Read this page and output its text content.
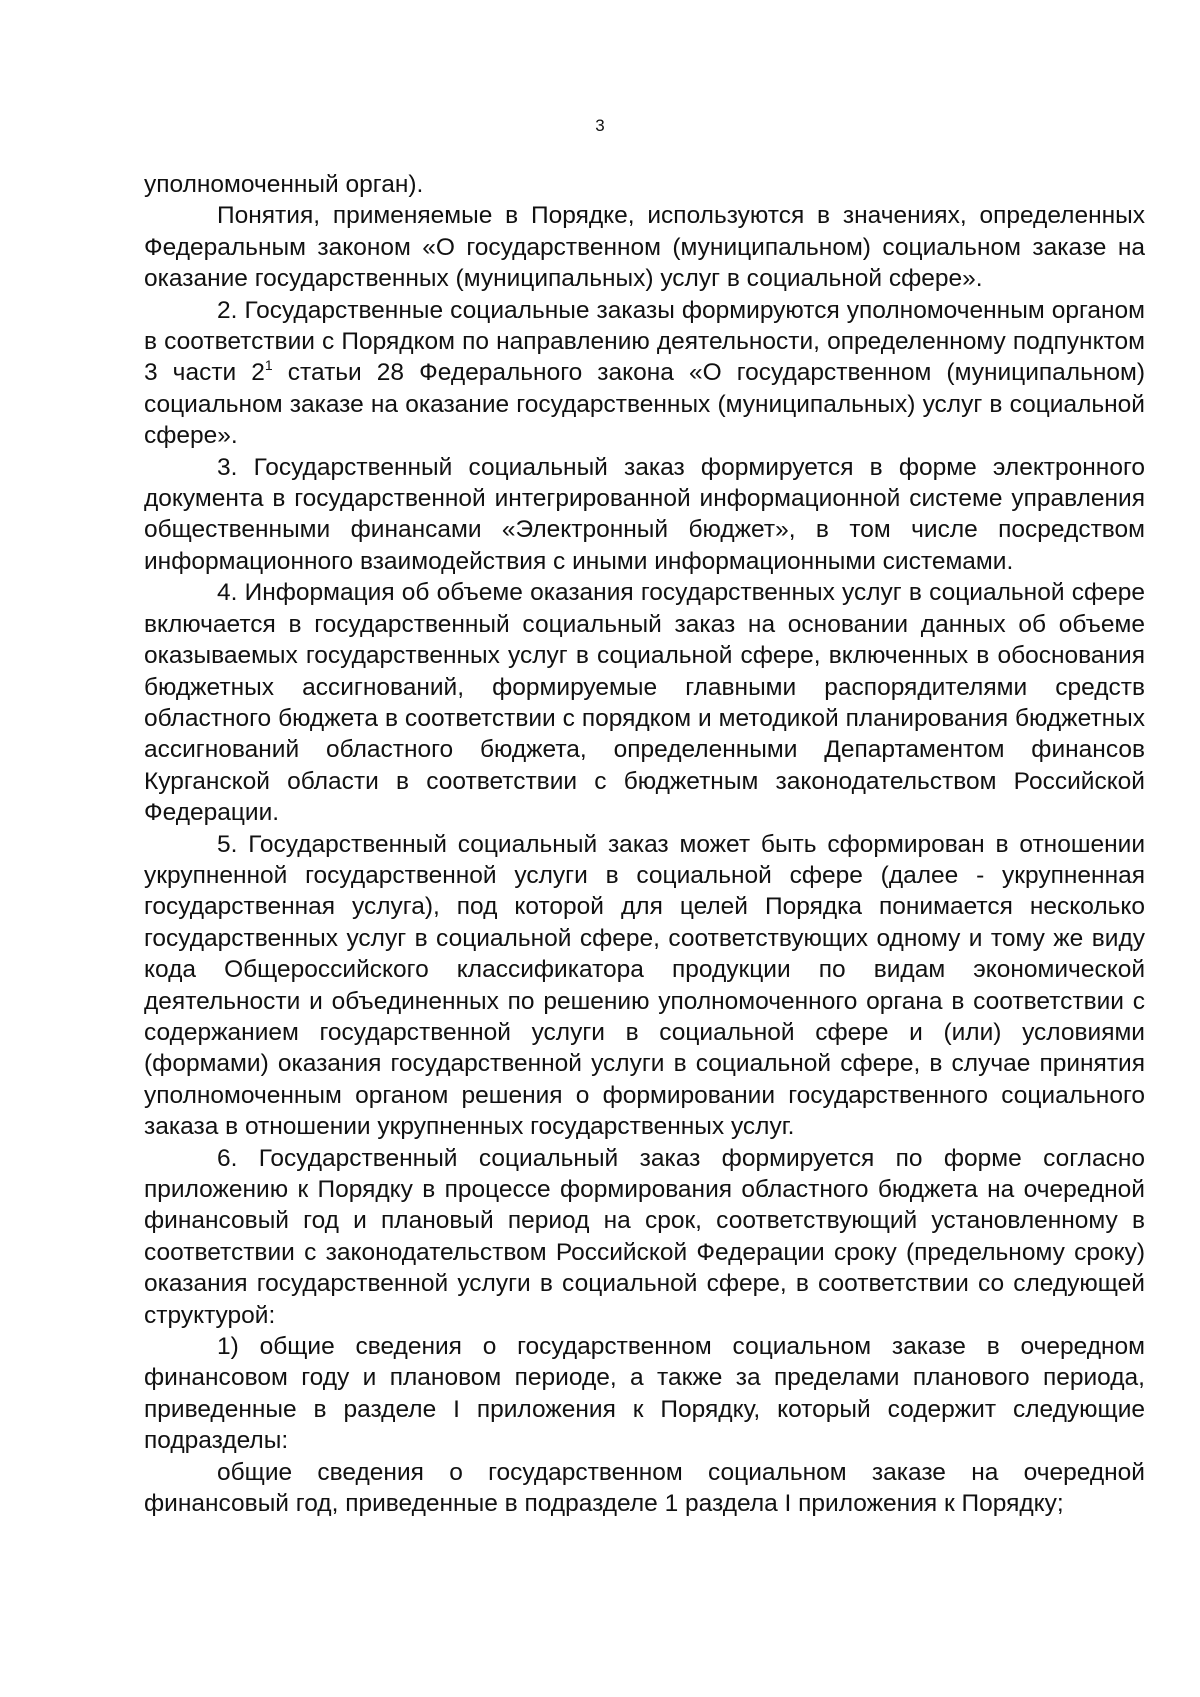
3

уполномоченный орган).

Понятия, применяемые в Порядке, используются в значениях, определенных Федеральным законом «О государственном (муниципальном) социальном заказе на оказание государственных (муниципальных) услуг в социальной сфере».

2. Государственные социальные заказы формируются уполномоченным органом в соответствии с Порядком по направлению деятельности, определенному подпунктом 3 части $2^1$ статьи 28 Федерального закона «О государственном (муниципальном) социальном заказе на оказание государственных (муниципальных) услуг в социальной сфере».

3. Государственный социальный заказ формируется в форме электронного документа в государственной интегрированной информационной системе управления общественными финансами «Электронный бюджет», в том числе посредством информационного взаимодействия с иными информационными системами.

4. Информация об объеме оказания государственных услуг в социальной сфере включается в государственный социальный заказ на основании данных об объеме оказываемых государственных услуг в социальной сфере, включенных в обоснования бюджетных ассигнований, формируемые главными распорядителями средств областного бюджета в соответствии с порядком и методикой планирования бюджетных ассигнований областного бюджета, определенными Департаментом финансов Курганской области в соответствии с бюджетным законодательством Российской Федерации.

5. Государственный социальный заказ может быть сформирован в отношении укрупненной государственной услуги в социальной сфере (далее - укрупненная государственная услуга), под которой для целей Порядка понимается несколько государственных услуг в социальной сфере, соответствующих одному и тому же виду кода Общероссийского классификатора продукции по видам экономической деятельности и объединенных по решению уполномоченного органа в соответствии с содержанием государственной услуги в социальной сфере и (или) условиями (формами) оказания государственной услуги в социальной сфере, в случае принятия уполномоченным органом решения о формировании государственного социального заказа в отношении укрупненных государственных услуг.

6. Государственный социальный заказ формируется по форме согласно приложению к Порядку в процессе формирования областного бюджета на очередной финансовый год и плановый период на срок, соответствующий установленному в соответствии с законодательством Российской Федерации сроку (предельному сроку) оказания государственной услуги в социальной сфере, в соответствии со следующей структурой:

1) общие сведения о государственном социальном заказе в очередном финансовом году и плановом периоде, а также за пределами планового периода, приведенные в разделе I приложения к Порядку, который содержит следующие подразделы:

общие сведения о государственном социальном заказе на очередной финансовый год, приведенные в подразделе 1 раздела I приложения к Порядку;
